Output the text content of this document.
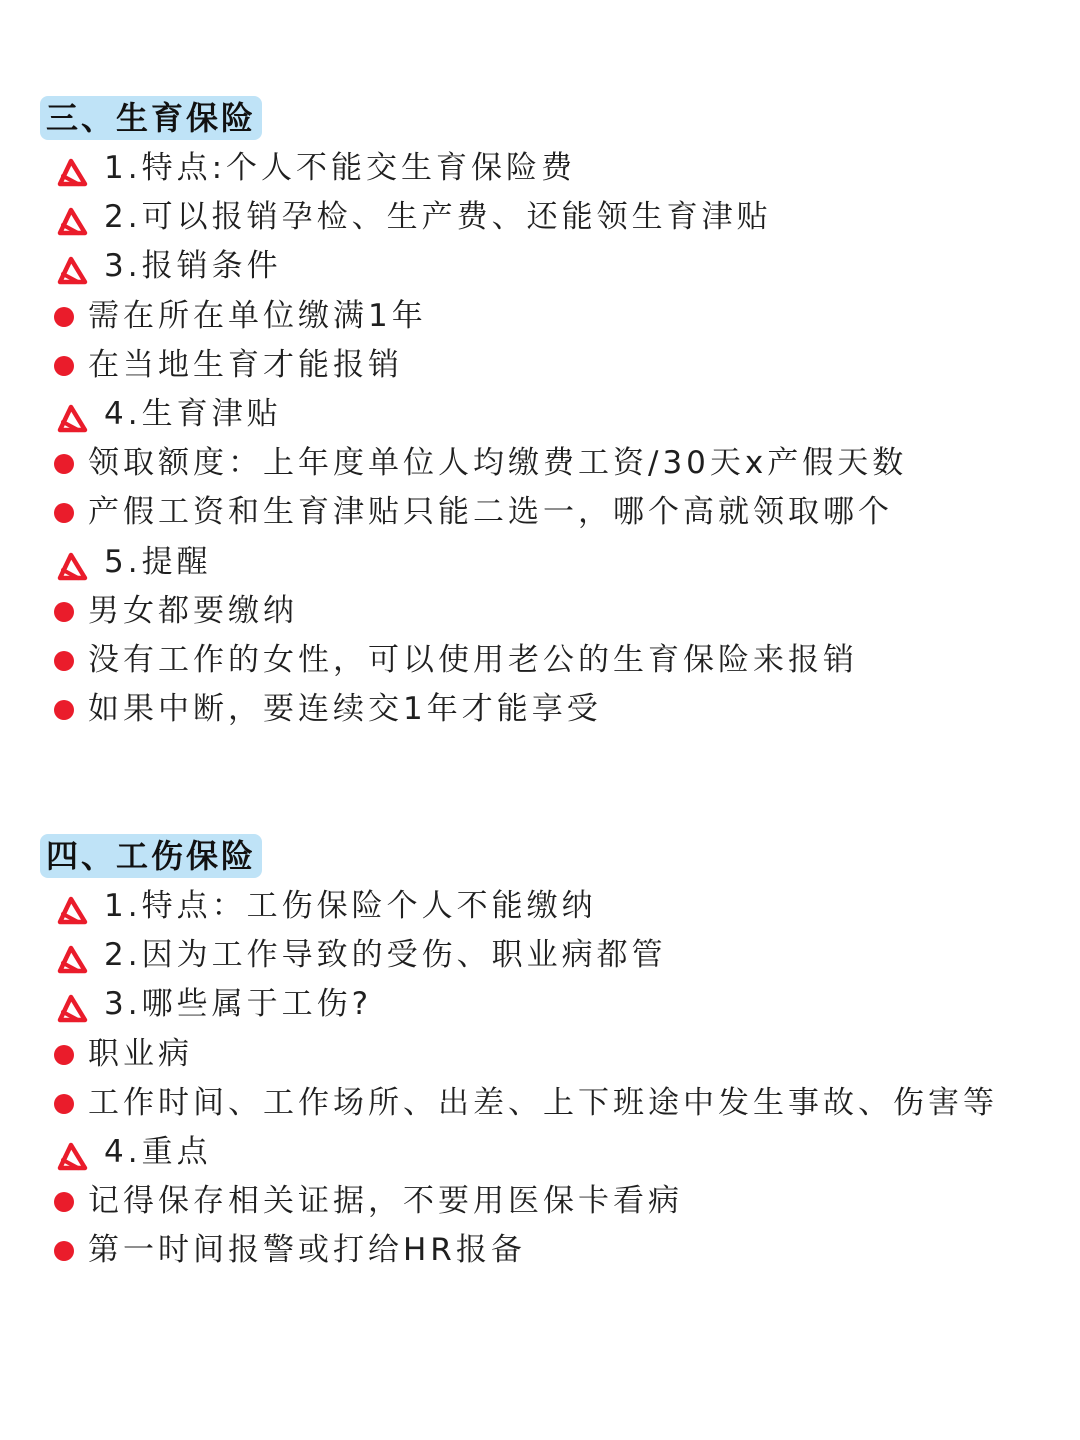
三、生育保险
1.特点:个人不能交生育保险费
2.可以报销孕检、生产费、还能领生育津贴
3.报销条件
需在所在单位缴满1年
在当地生育才能报销
4.生育津贴
领取额度：上年度单位人均缴费工资/30天x产假天数
产假工资和生育津贴只能二选一，哪个高就领取哪个
5.提醒
男女都要缴纳
没有工作的女性，可以使用老公的生育保险来报销
如果中断，要连续交1年才能享受
四、工伤保险
1.特点：工伤保险个人不能缴纳
2.因为工作导致的受伤、职业病都管
3.哪些属于工伤?
职业病
工作时间、工作场所、出差、上下班途中发生事故、伤害等
4.重点
记得保存相关证据，不要用医保卡看病
第一时间报警或打给HR报备
